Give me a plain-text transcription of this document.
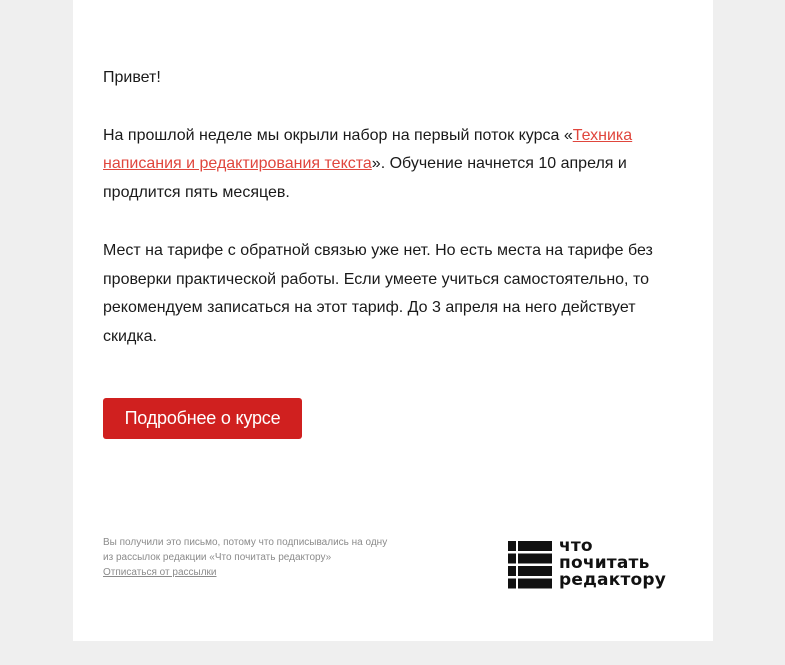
Привет!

На прошлой неделе мы окрыли набор на первый поток курса «Техника написания и редактирования текста». Обучение начнется 10 апреля и продлится пять месяцев.

Мест на тарифе с обратной связью уже нет. Но есть места на тарифе без проверки практической работы. Если умеете учиться самостоятельно, то рекомендуем записаться на этот тариф. До 3 апреля на него действует скидка.

Подробнее о курсе
Вы получили это письмо, потому что подписывались на одну из рассылок редакции «Что почитать редактору»
Отписаться от рассылки
что
почитать
редактору
